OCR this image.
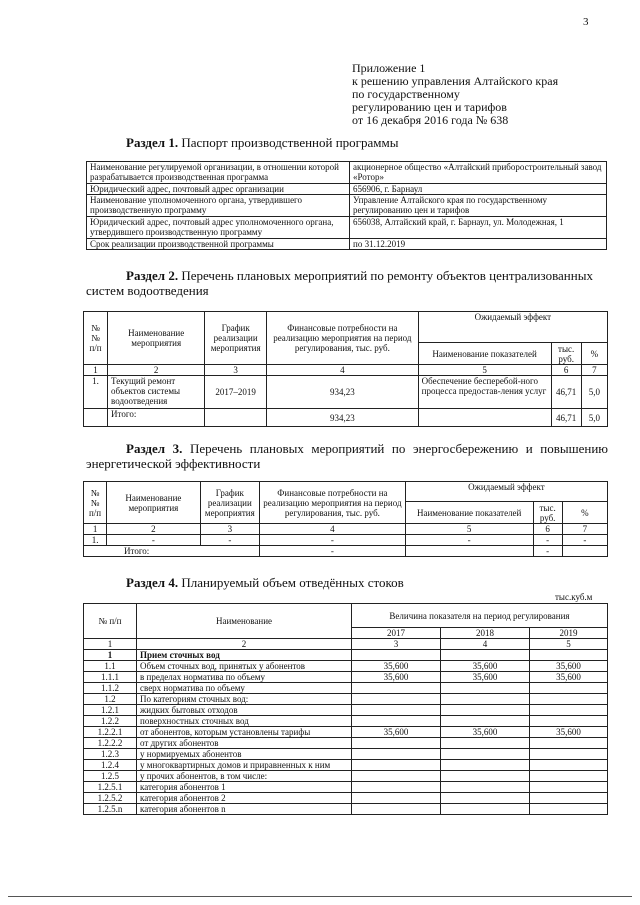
3
Приложение 1
к решению управления Алтайского края
по государственному
регулированию цен и тарифов
от 16 декабря 2016 года № 638
Раздел 1. Паспорт производственной программы
Наименование регулируемой организации, в отношении которой разрабатывается производственная программа	акционерное общество «Алтайский приборостроительный завод «Ротор»
Юридический адрес, почтовый адрес организации	656906, г. Барнаул
Наименование уполномоченного органа, утвердившего производственную программу	Управление Алтайского края по государственному регулированию цен и тарифов
Юридический адрес, почтовый адрес уполномоченного органа, утвердившего производственную программу	656038, Алтайский край, г. Барнаул, ул. Молодежная, 1
Срок реализации производственной программы	по 31.12.2019
Раздел 2. Перечень плановых мероприятий по ремонту объектов централизованных систем водоотведения
№№ п/п	Наименование мероприятия	График реализации мероприятия	Финансовые потребности на реализацию мероприятия на период регулирования, тыс. руб.	Ожидаемый эффект		
				Наименование показателей	тыс. руб.	%
1	2	3	4	5	6	7
1.	Текущий ремонт объектов системы водоотведения	2017–2019	934,23	Обеспечение бесперебой-ного процесса предостав-ления услуг	46,71	5,0
	Итого:		934,23		46,71	5,0
Раздел 3. Перечень плановых мероприятий по энергосбережению и повышению энергетической эффективности
№№ п/п	Наименование мероприятия	График реализации мероприятия	Финансовые потребности на реализацию мероприятия на период регулирования, тыс. руб.	Ожидаемый эффект		
				Наименование показателей	тыс. руб.	%
1	2	3	4	5	6	7
1.	-	-	-	-	-	-
Итого:			-		-	
Раздел 4. Планируемый объем отведённых стоков
тыс.куб.м
№ п/п	Наименование	Величина показателя на период регулирования		
		2017	2018	2019
1	2	3	4	5
1	Прием сточных вод			
1.1	Объем сточных вод, принятых у абонентов	35,600	35,600	35,600
1.1.1	в пределах норматива по объему	35,600	35,600	35,600
1.1.2	сверх норматива по объему			
1.2	По категориям сточных вод:			
1.2.1	жидких бытовых отходов			
1.2.2	поверхностных сточных вод			
1.2.2.1	от абонентов, которым установлены тарифы	35,600	35,600	35,600
1.2.2.2	от других абонентов			
1.2.3	у нормируемых абонентов			
1.2.4	у многоквартирных домов и приравненных к ним			
1.2.5	у прочих абонентов, в том числе:			
1.2.5.1	категория абонентов 1			
1.2.5.2	категория абонентов 2			
1.2.5.n	категория абонентов n			
